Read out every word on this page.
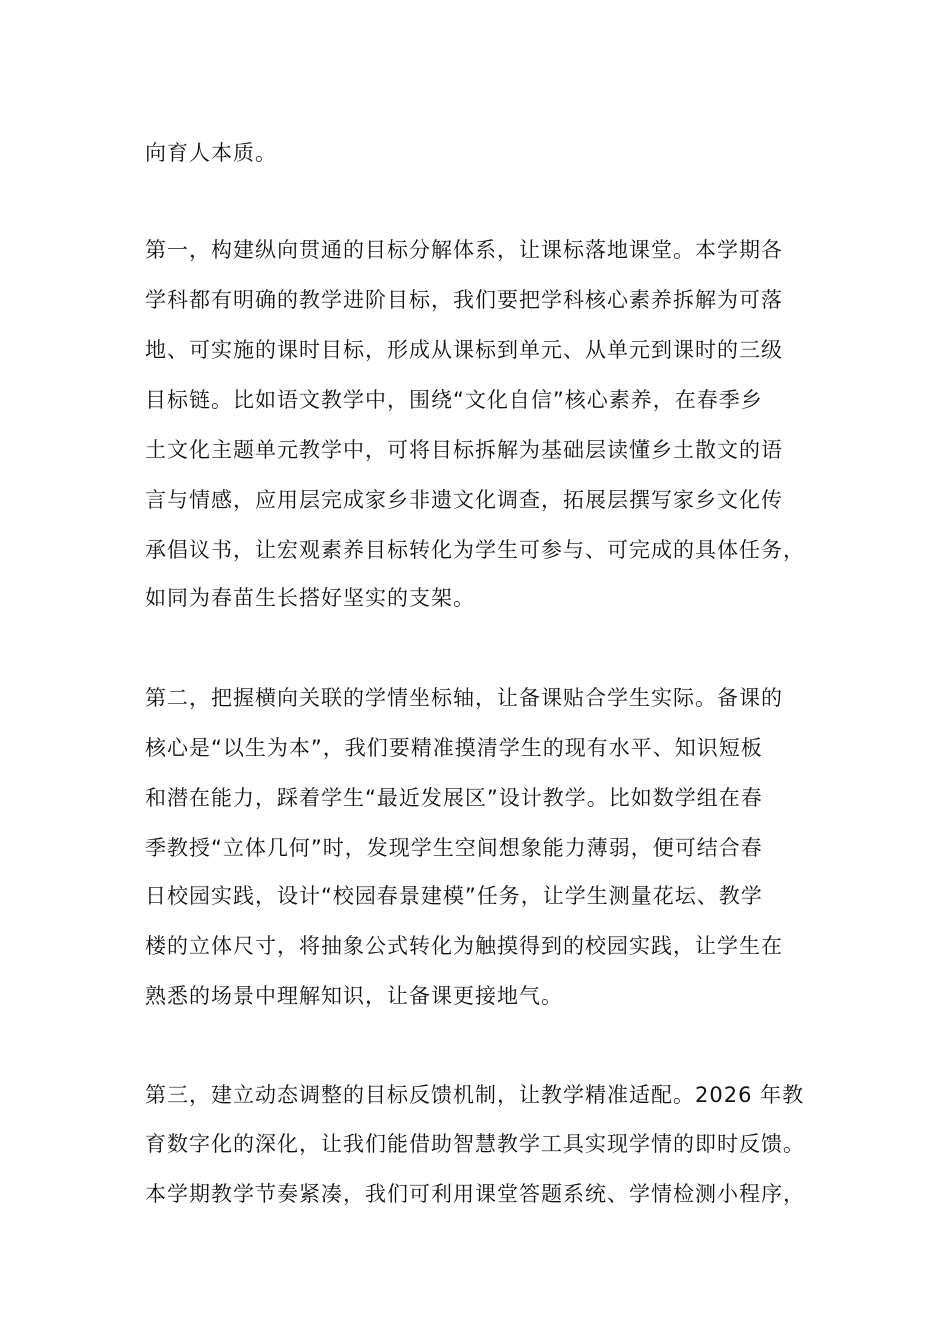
向育人本质。

第一，构建纵向贯通的目标分解体系，让课标落地课堂。本学期各

学科都有明确的教学进阶目标，我们要把学科核心素养拆解为可落

地、可实施的课时目标，形成从课标到单元、从单元到课时的三级

目标链。比如语文教学中，围绕“文化自信”核心素养，在春季乡

土文化主题单元教学中，可将目标拆解为基础层读懂乡土散文的语

言与情感，应用层完成家乡非遗文化调查，拓展层撰写家乡文化传

承倡议书，让宏观素养目标转化为学生可参与、可完成的具体任务，

如同为春苗生长搭好坚实的支架。

第二，把握横向关联的学情坐标轴，让备课贴合学生实际。备课的

核心是“以生为本”，我们要精准摸清学生的现有水平、知识短板

和潜在能力，踩着学生“最近发展区”设计教学。比如数学组在春

季教授“立体几何”时，发现学生空间想象能力薄弱，便可结合春

日校园实践，设计“校园春景建模”任务，让学生测量花坛、教学

楼的立体尺寸，将抽象公式转化为触摸得到的校园实践，让学生在

熟悉的场景中理解知识，让备课更接地气。

第三，建立动态调整的目标反馈机制，让教学精准适配。2026 年教

育数字化的深化，让我们能借助智慧教学工具实现学情的即时反馈。

本学期教学节奏紧凑，我们可利用课堂答题系统、学情检测小程序，
